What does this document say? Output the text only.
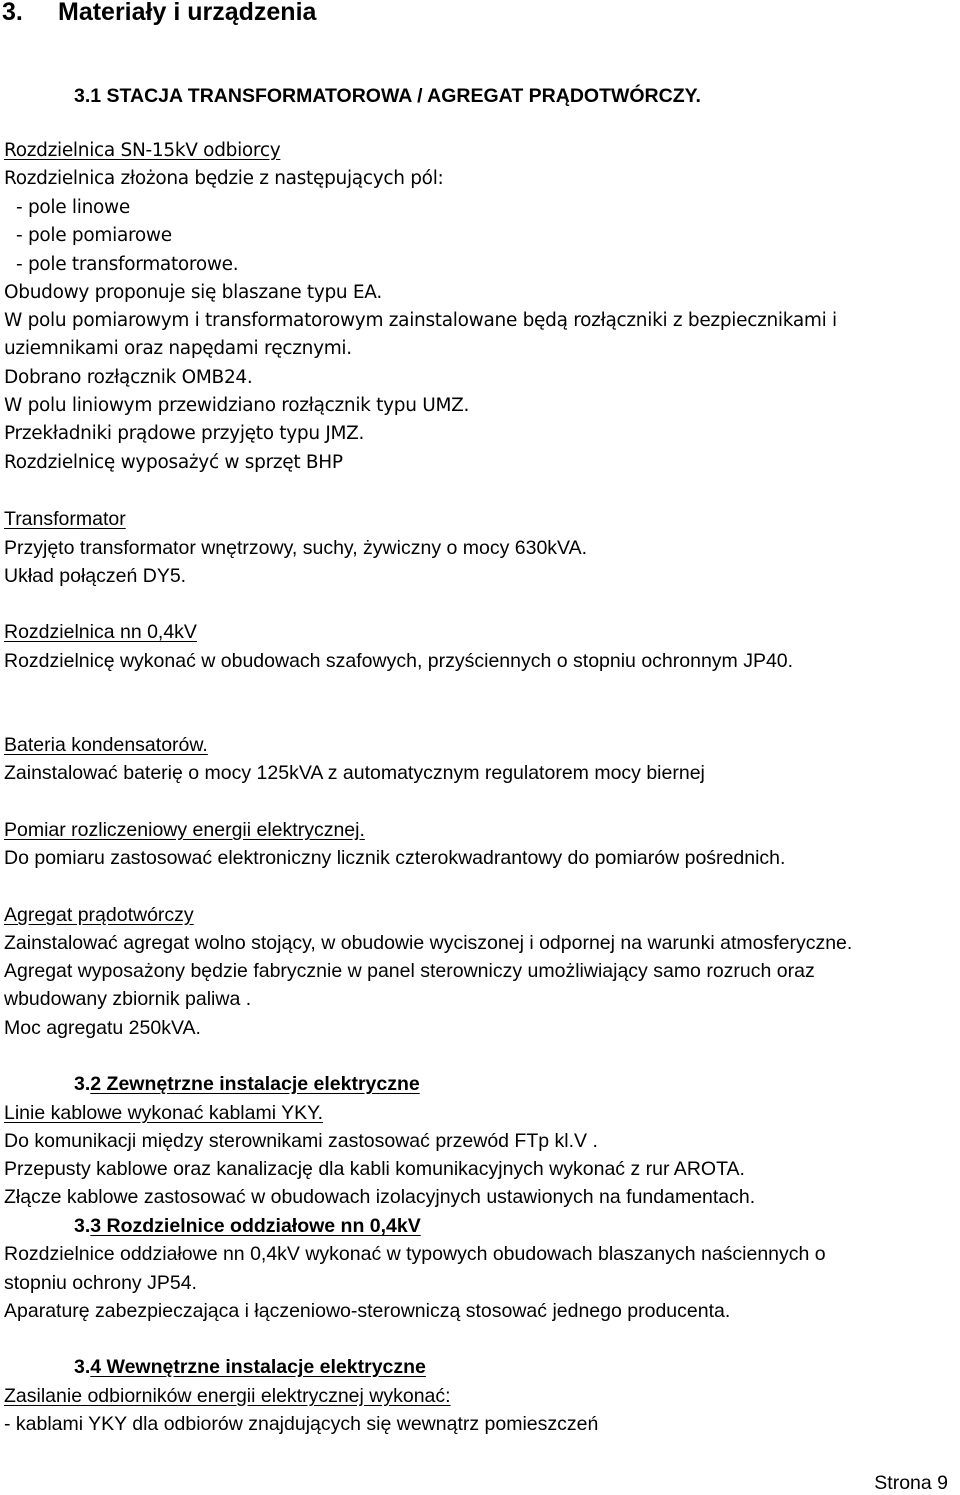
3. Materiały i urządzenia
3.1 STACJA TRANSFORMATOROWA / AGREGAT PRĄDOTWÓRCZY.
Rozdzielnica SN-15kV odbiorcy
Rozdzielnica złożona będzie z następujących pól:
- pole linowe
- pole pomiarowe
- pole transformatorowe.
Obudowy proponuje się blaszane typu EA.
W polu pomiarowym i transformatorowym zainstalowane będą rozłączniki z bezpiecznikami i
uziemnikami oraz napędami ręcznymi.
Dobrano rozłącznik OMB24.
W polu liniowym przewidziano rozłącznik typu UMZ.
Przekładniki prądowe przyjęto typu JMZ.
Rozdzielnicę wyposażyć w sprzęt BHP
Transformator
Przyjęto transformator wnętrzowy, suchy, żywiczny o mocy 630kVA.
Układ połączeń DY5.
Rozdzielnica nn 0,4kV
Rozdzielnicę wykonać w obudowach szafowych, przyściennych o stopniu ochronnym JP40.
Bateria kondensatorów.
Zainstalować baterię o mocy 125kVA z automatycznym regulatorem mocy biernej
Pomiar rozliczeniowy energii elektrycznej.
Do pomiaru zastosować elektroniczny licznik czterokwadrantowy do pomiarów pośrednich.
Agregat prądotwórczy
Zainstalować agregat wolno stojący, w obudowie wyciszonej i odpornej na warunki atmosferyczne.
Agregat wyposażony będzie fabrycznie w panel sterowniczy umożliwiający samo rozruch oraz
wbudowany zbiornik paliwa .
Moc agregatu 250kVA.
3.2 Zewnętrzne instalacje elektryczne
Linie kablowe wykonać kablami YKY.
Do komunikacji między sterownikami zastosować przewód FTp kl.V .
Przepusty kablowe oraz kanalizację dla kabli komunikacyjnych wykonać z rur AROTA.
Złącze kablowe zastosować w obudowach izolacyjnych ustawionych na fundamentach.
3.3 Rozdzielnice oddziałowe nn 0,4kV
Rozdzielnice oddziałowe nn 0,4kV wykonać w typowych obudowach blaszanych naściennych o
stopniu ochrony JP54.
Aparaturę zabezpieczająca i łączeniowo-sterowniczą stosować jednego producenta.
3.4 Wewnętrzne instalacje elektryczne
Zasilanie odbiorników energii elektrycznej wykonać:
- kablami YKY dla odbiorów znajdujących się wewnątrz pomieszczeń
Strona 9
